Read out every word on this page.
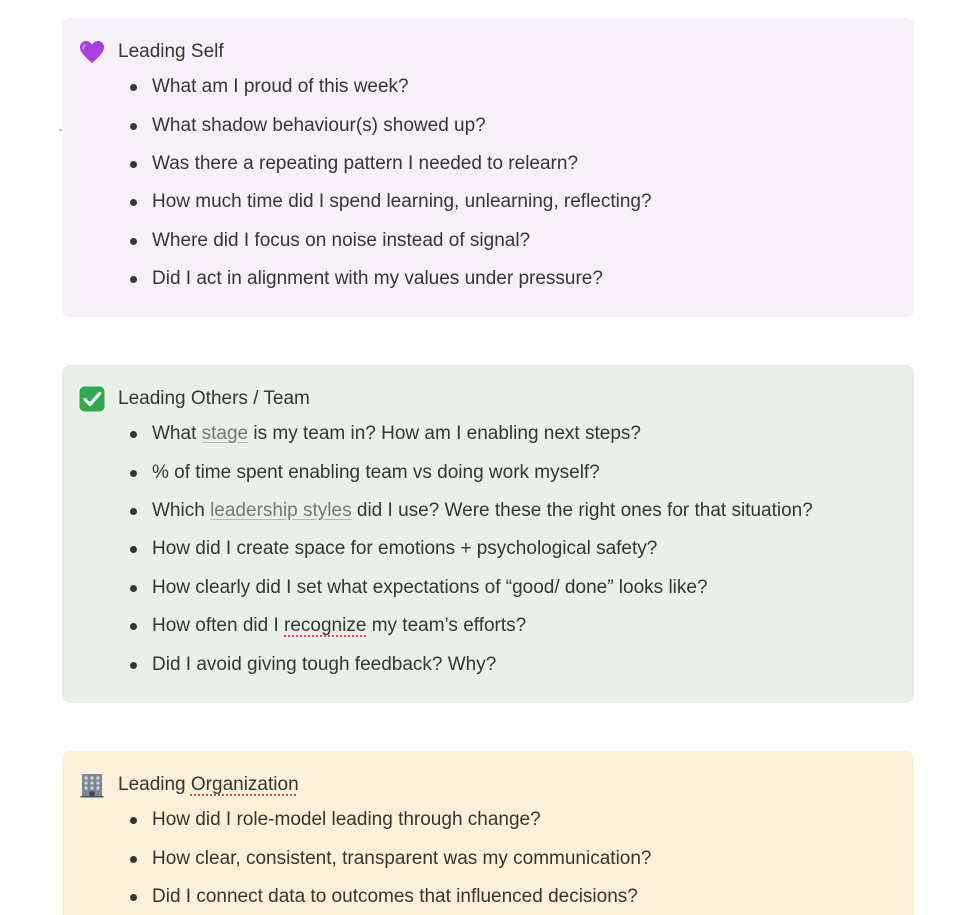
Leading Self
What am I proud of this week?
What shadow behaviour(s) showed up?
Was there a repeating pattern I needed to relearn?
How much time did I spend learning, unlearning, reflecting?
Where did I focus on noise instead of signal?
Did I act in alignment with my values under pressure?
Leading Others / Team
What stage is my team in? How am I enabling next steps?
% of time spent enabling team vs doing work myself?
Which leadership styles did I use? Were these the right ones for that situation?
How did I create space for emotions + psychological safety?
How clearly did I set what expectations of “good/ done” looks like?
How often did I recognize my team’s efforts?
Did I avoid giving tough feedback? Why?
Leading Organization
How did I role-model leading through change?
How clear, consistent, transparent was my communication?
Did I connect data to outcomes that influenced decisions?
